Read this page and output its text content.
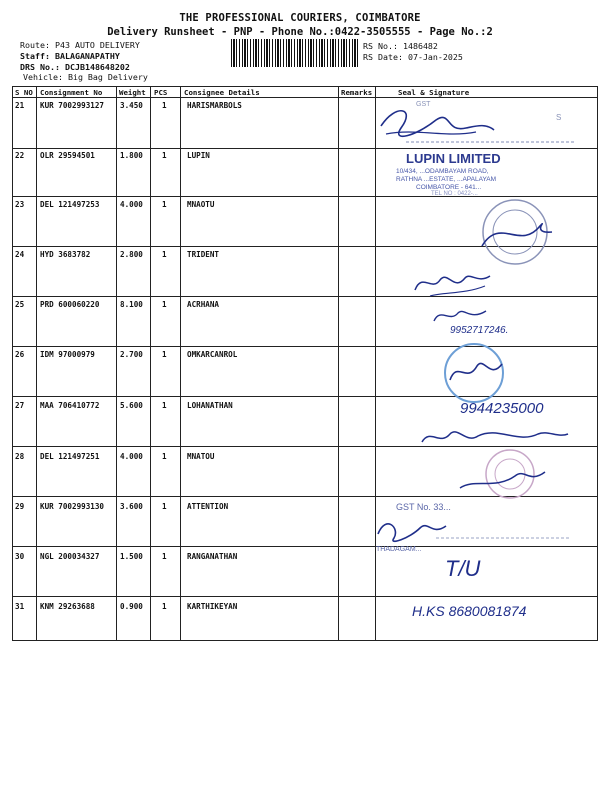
THE PROFESSIONAL COURIERS, COIMBATORE
Delivery Runsheet - PNP - Phone No.:0422-3505555 - Page No.:2
Route: P43 AUTO DELIVERY
Staff: BALAGANAPATHY
DRS No.: DCJB148648202
Vehicle: Big Bag Delivery
RS No.: 1486482
RS Date: 07-Jan-2025
S NO Consignment No Weight PCS Consignee Details	Remarks	Seal & Signature
21 KUR 7002993127 3.450	1	HARISMARBOLS
22 OLR 29594501	1.800	1	LUPIN
23 DEL 121497253	4.000	1	MNAOTU
24 HYD 3683782	2.800	1	TRIDENT
25 PRD 600060220	8.100	1	ACRHANA
26 IDM 97000979	2.700	1	OMKARCANROL
27 MAA 706410772	5.600	1	LOHANATHAN
28 DEL 121497251	4.000	1	MNATOU
29 KUR 7002993130 3.600	1	ATTENTION
30 NGL 200034327	1.500	1	RANGANATHAN
31 KNM 29263688	0.900	1	KARTHIKEYAN
GST
S
LUPIN LIMITED
10/434, ...ODAMBAYAM ROAD,
RATHNA ...ESTATE, ...APALAYAM
COIMBATORE - 641...
TEL NO : 0422-...
9952717246.
9944235000
GST No. 33...
THADAGAM...
T/U
H.KS 8680081874
